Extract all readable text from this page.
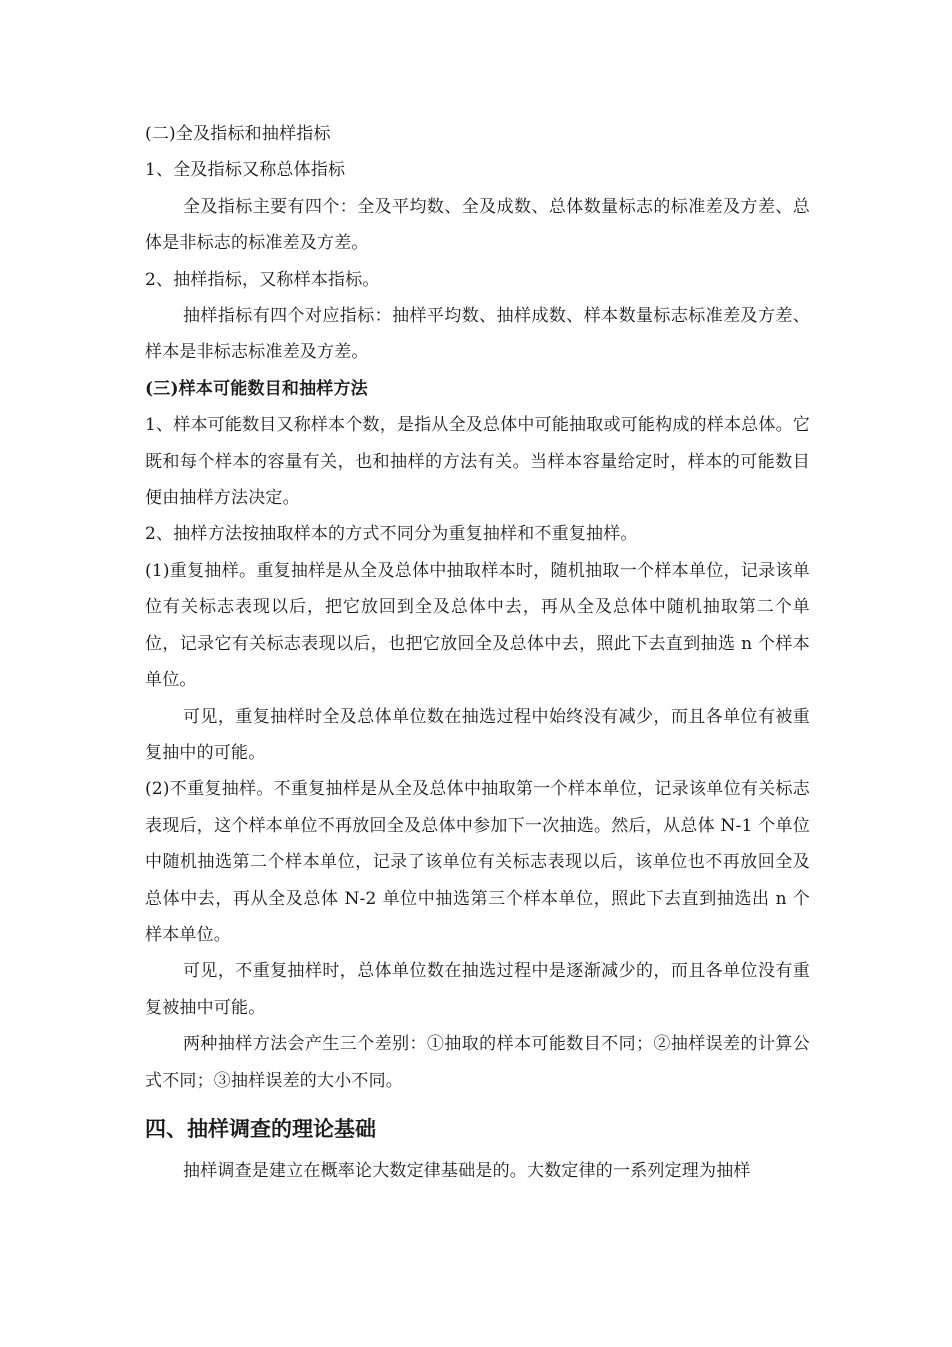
(二)全及指标和抽样指标

1、全及指标又称总体指标

全及指标主要有四个：全及平均数、全及成数、总体数量标志的标准差及方差、总体是非标志的标准差及方差。

2、抽样指标，又称样本指标。

抽样指标有四个对应指标：抽样平均数、抽样成数、样本数量标志标准差及方差、样本是非标志标准差及方差。

(三)样本可能数目和抽样方法

1、样本可能数目又称样本个数，是指从全及总体中可能抽取或可能构成的样本总体。它既和每个样本的容量有关，也和抽样的方法有关。当样本容量给定时，样本的可能数目便由抽样方法决定。

2、抽样方法按抽取样本的方式不同分为重复抽样和不重复抽样。

(1)重复抽样。重复抽样是从全及总体中抽取样本时，随机抽取一个样本单位，记录该单位有关标志表现以后，把它放回到全及总体中去，再从全及总体中随机抽取第二个单位，记录它有关标志表现以后，也把它放回全及总体中去，照此下去直到抽选 n 个样本单位。

可见，重复抽样时全及总体单位数在抽选过程中始终没有减少，而且各单位有被重复抽中的可能。

(2)不重复抽样。不重复抽样是从全及总体中抽取第一个样本单位，记录该单位有关标志表现后，这个样本单位不再放回全及总体中参加下一次抽选。然后，从总体 N-1 个单位中随机抽选第二个样本单位，记录了该单位有关标志表现以后，该单位也不再放回全及总体中去，再从全及总体 N-2 单位中抽选第三个样本单位，照此下去直到抽选出 n 个样本单位。

可见，不重复抽样时，总体单位数在抽选过程中是逐渐减少的，而且各单位没有重复被抽中可能。

两种抽样方法会产生三个差别：①抽取的样本可能数目不同；②抽样误差的计算公式不同；③抽样误差的大小不同。

四、抽样调查的理论基础

抽样调查是建立在概率论大数定律基础是的。大数定律的一系列定理为抽样
